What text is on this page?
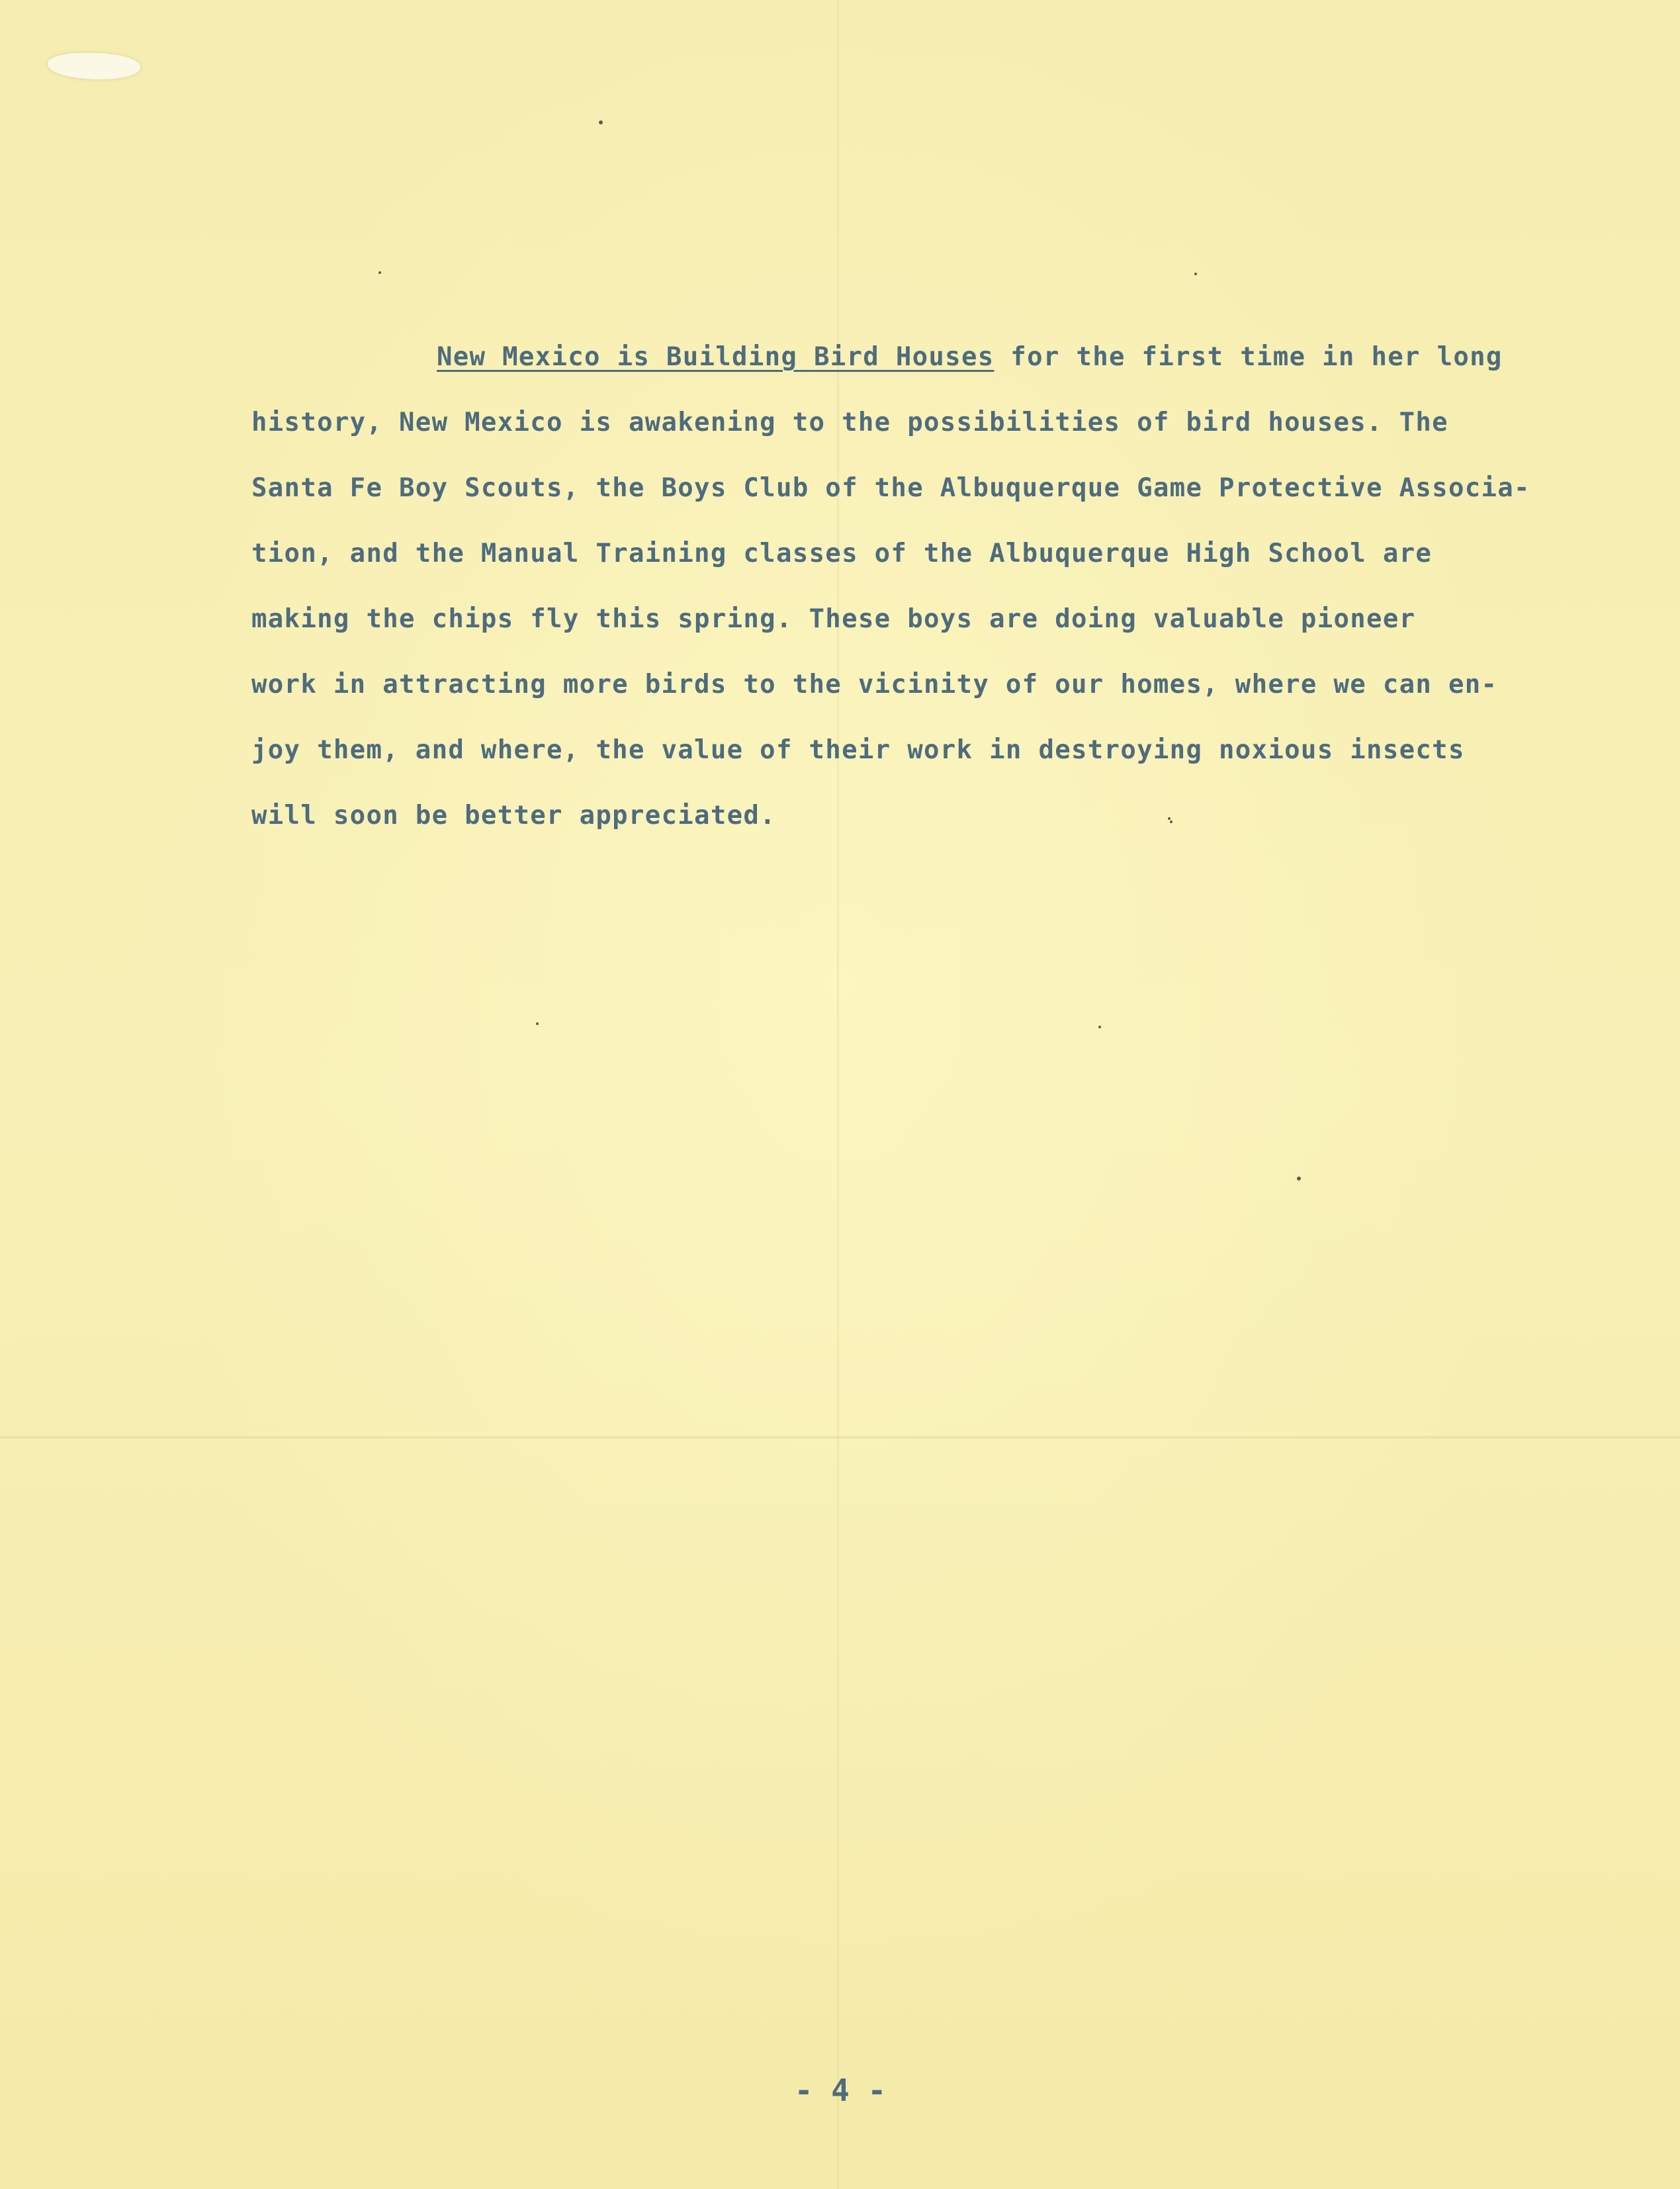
New Mexico is Building Bird Houses for the first time in her long
history, New Mexico is awakening to the possibilities of bird houses. The
Santa Fe Boy Scouts, the Boys Club of the Albuquerque Game Protective Associa-
tion, and the Manual Training classes of the Albuquerque High School are
making the chips fly this spring. These boys are doing valuable pioneer
work in attracting more birds to the vicinity of our homes, where we can en-
joy them, and where, the value of their work in destroying noxious insects
will soon be better appreciated.

- 4 -
